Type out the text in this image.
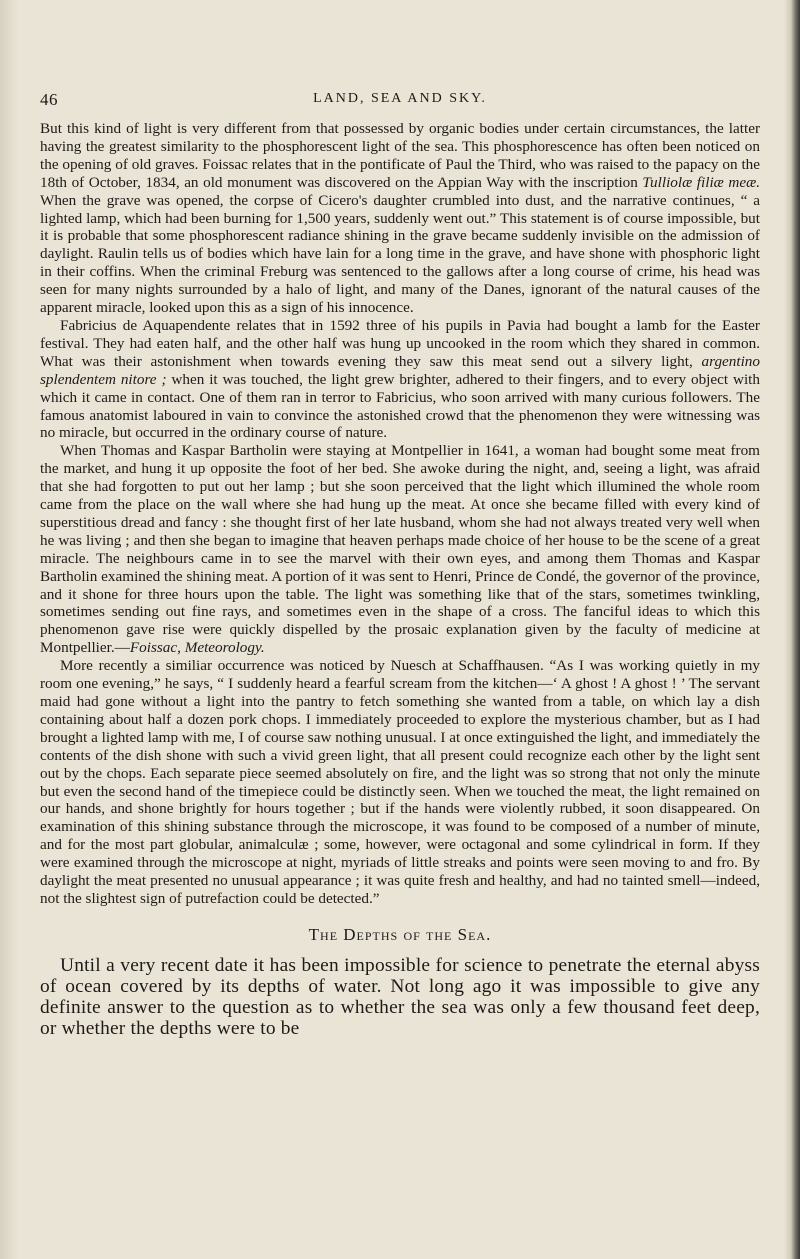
46	LAND, SEA AND SKY.

But this kind of light is very different from that possessed by organic bodies under certain circumstances, the latter having the greatest similarity to the phosphorescent light of the sea. This phosphorescence has often been noticed on the opening of old graves. Foissac relates that in the pontificate of Paul the Third, who was raised to the papacy on the 18th of October, 1834, an old monument was discovered on the Appian Way with the inscription Tulliolæ filiæ meæ. When the grave was opened, the corpse of Cicero's daughter crumbled into dust, and the narrative continues, “ a lighted lamp, which had been burning for 1,500 years, suddenly went out.” This statement is of course impossible, but it is probable that some phosphorescent radiance shining in the grave became suddenly invisible on the admission of daylight. Raulin tells us of bodies which have lain for a long time in the grave, and have shone with phosphoric light in their coffins. When the criminal Freburg was sentenced to the gallows after a long course of crime, his head was seen for many nights surrounded by a halo of light, and many of the Danes, ignorant of the natural causes of the apparent miracle, looked upon this as a sign of his innocence.

Fabricius de Aquapendente relates that in 1592 three of his pupils in Pavia had bought a lamb for the Easter festival. They had eaten half, and the other half was hung up uncooked in the room which they shared in common. What was their astonishment when towards evening they saw this meat send out a silvery light, argentino splendentem nitore ; when it was touched, the light grew brighter, adhered to their fingers, and to every object with which it came in contact. One of them ran in terror to Fabricius, who soon arrived with many curious followers. The famous anatomist laboured in vain to convince the astonished crowd that the phenomenon they were witnessing was no miracle, but occurred in the ordinary course of nature.

When Thomas and Kaspar Bartholin were staying at Montpellier in 1641, a woman had bought some meat from the market, and hung it up opposite the foot of her bed. She awoke during the night, and, seeing a light, was afraid that she had forgotten to put out her lamp ; but she soon perceived that the light which illumined the whole room came from the place on the wall where she had hung up the meat. At once she became filled with every kind of superstitious dread and fancy : she thought first of her late husband, whom she had not always treated very well when he was living ; and then she began to imagine that heaven perhaps made choice of her house to be the scene of a great miracle. The neighbours came in to see the marvel with their own eyes, and among them Thomas and Kaspar Bartholin examined the shining meat. A portion of it was sent to Henri, Prince de Condé, the governor of the province, and it shone for three hours upon the table. The light was something like that of the stars, sometimes twinkling, sometimes sending out fine rays, and sometimes even in the shape of a cross. The fanciful ideas to which this phenomenon gave rise were quickly dispelled by the prosaic explanation given by the faculty of medicine at Montpellier.—Foissac, Meteorology.

More recently a similiar occurrence was noticed by Nuesch at Schaffhausen. “As I was working quietly in my room one evening,” he says, “ I suddenly heard a fearful scream from the kitchen—‘ A ghost ! A ghost ! ’ The servant maid had gone without a light into the pantry to fetch something she wanted from a table, on which lay a dish containing about half a dozen pork chops. I immediately proceeded to explore the mysterious chamber, but as I had brought a lighted lamp with me, I of course saw nothing unusual. I at once extinguished the light, and immediately the contents of the dish shone with such a vivid green light, that all present could recognize each other by the light sent out by the chops. Each separate piece seemed absolutely on fire, and the light was so strong that not only the minute but even the second hand of the timepiece could be distinctly seen. When we touched the meat, the light remained on our hands, and shone brightly for hours together ; but if the hands were violently rubbed, it soon disappeared. On examination of this shining substance through the microscope, it was found to be composed of a number of minute, and for the most part globular, animalculæ ; some, however, were octagonal and some cylindrical in form. If they were examined through the microscope at night, myriads of little streaks and points were seen moving to and fro. By daylight the meat presented no unusual appearance ; it was quite fresh and healthy, and had no tainted smell—indeed, not the slightest sign of putrefaction could be detected.”

The Depths of the Sea.

Until a very recent date it has been impossible for science to penetrate the eternal abyss of ocean covered by its depths of water. Not long ago it was impossible to give any definite answer to the question as to whether the sea was only a few thousand feet deep, or whether the depths were to be
